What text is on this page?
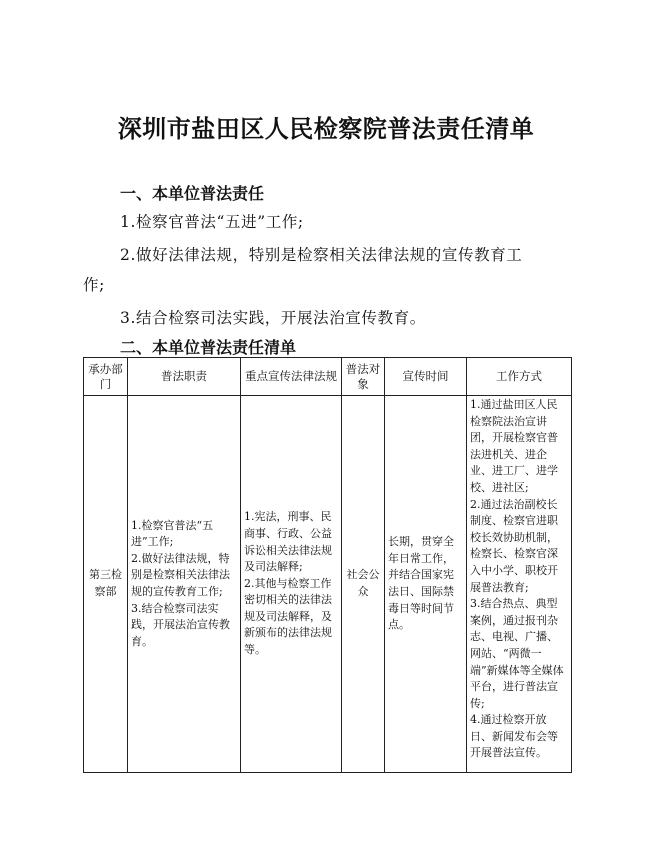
深圳市盐田区人民检察院普法责任清单
一、本单位普法责任
1.检察官普法“五进”工作;
2.做好法律法规，特别是检察相关法律法规的宣传教育工
作;
3.结合检察司法实践，开展法治宣传教育。
二、本单位普法责任清单
承办部门	普法职责	重点宣传法律法规	普法对象	宣传时间	工作方式
第三检察部	1.检察官普法“五进”工作;
2.做好法律法规，特别是检察相关法律法规的宣传教育工作;
3.结合检察司法实践，开展法治宣传教育。	1.宪法，刑事、民商事、行政、公益诉讼相关法律法规及司法解释;
2.其他与检察工作密切相关的法律法规及司法解释，及新颁布的法律法规等。	社会公众	长期，贯穿全年日常工作，并结合国家宪法日、国际禁毒日等时间节点。	1.通过盐田区人民检察院法治宣讲团，开展检察官普法进机关、进企业、进工厂、进学校、进社区;
2.通过法治副校长制度、检察官进职校长效协助机制，检察长、检察官深入中小学、职校开展普法教育;
3.结合热点、典型案例，通过报刊杂志、电视、广播、网站、“两微一端”新媒体等全媒体平台，进行普法宣传;
4.通过检察开放日、新闻发布会等开展普法宣传。
